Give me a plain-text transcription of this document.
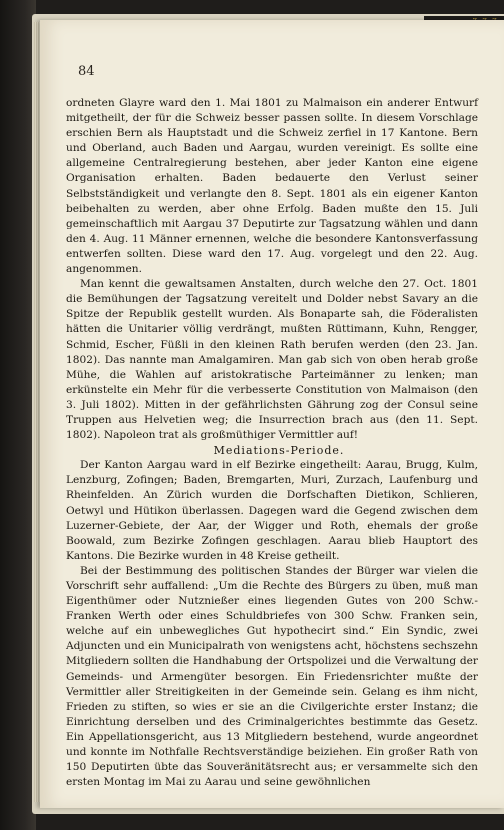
84

ordneten Glayre ward den 1. Mai 1801 zu Malmaison ein anderer Entwurf mitgetheilt, der für die Schweiz besser passen sollte. In diesem Vorschlage erschien Bern als Hauptstadt und die Schweiz zerfiel in 17 Kantone. Bern und Oberland, auch Baden und Aargau, wurden vereinigt. Es sollte eine allgemeine Centralregierung bestehen, aber jeder Kanton eine eigene Organisation erhalten. Baden bedauerte den Verlust seiner Selbstständigkeit und verlangte den 8. Sept. 1801 als ein eigener Kanton beibehalten zu werden, aber ohne Erfolg. Baden mußte den 15. Juli gemeinschaftlich mit Aargau 37 Deputirte zur Tagsatzung wählen und dann den 4. Aug. 11 Männer ernennen, welche die besondere Kantonsverfassung entwerfen sollten. Diese ward den 17. Aug. vorgelegt und den 22. Aug. angenommen.

Man kennt die gewaltsamen Anstalten, durch welche den 27. Oct. 1801 die Bemühungen der Tagsatzung vereitelt und Dolder nebst Savary an die Spitze der Republik gestellt wurden. Als Bonaparte sah, die Föderalisten hätten die Unitarier völlig verdrängt, mußten Rüttimann, Kuhn, Rengger, Schmid, Escher, Füßli in den kleinen Rath berufen werden (den 23. Jan. 1802). Das nannte man Amalgamiren. Man gab sich von oben herab große Mühe, die Wahlen auf aristokratische Parteimänner zu lenken; man erkünstelte ein Mehr für die verbesserte Constitution von Malmaison (den 3. Juli 1802). Mitten in der gefährlichsten Gährung zog der Consul seine Truppen aus Helvetien weg; die Insurrection brach aus (den 11. Sept. 1802). Napoleon trat als großmüthiger Vermittler auf!

Mediations-Periode.

Der Kanton Aargau ward in elf Bezirke eingetheilt: Aarau, Brugg, Kulm, Lenzburg, Zofingen; Baden, Bremgarten, Muri, Zurzach, Laufenburg und Rheinfelden. An Zürich wurden die Dorfschaften Dietikon, Schlieren, Oetwyl und Hütikon überlassen. Dagegen ward die Gegend zwischen dem Luzerner-Gebiete, der Aar, der Wigger und Roth, ehemals der große Boowald, zum Bezirke Zofingen geschlagen. Aarau blieb Hauptort des Kantons. Die Bezirke wurden in 48 Kreise getheilt.

Bei der Bestimmung des politischen Standes der Bürger war vielen die Vorschrift sehr auffallend: „Um die Rechte des Bürgers zu üben, muß man Eigenthümer oder Nutznießer eines liegenden Gutes von 200 Schw.-Franken Werth oder eines Schuldbriefes von 300 Schw. Franken sein, welche auf ein unbeweglichеs Gut hypothecirt sind.“ Ein Syndic, zwei Adjuncten und ein Municipalrath von wenigstens acht, höchstens sechszehn Mitgliedern sollten die Handhabung der Ortspolizei und die Verwaltung der Gemeinds- und Armengüter besorgen. Ein Friedensrichter mußte der Vermittler aller Streitigkeiten in der Gemeinde sein. Gelang es ihm nicht, Frieden zu stiften, so wies er sie an die Civilgerichte erster Instanz; die Einrichtung derselben und des Criminalgerichtes bestimmte das Gesetz. Ein Appellationsgericht, aus 13 Mitgliedern bestehend, wurde angeordnet und konnte im Nothfalle Rechtsverständige beiziehen. Ein großer Rath von 150 Deputirten übte das Souveränitätsrecht aus; er versammelte sich den ersten Montag im Mai zu Aarau und seine gewöhnlichen
